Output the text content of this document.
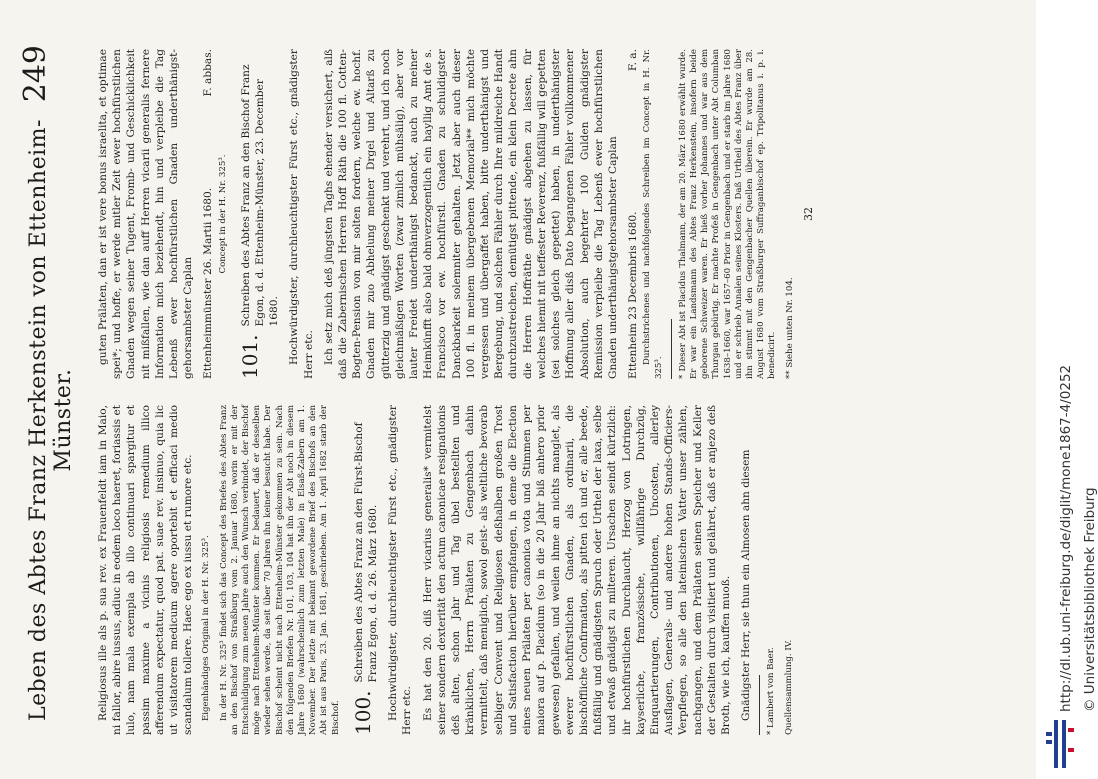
Leben des Abtes Franz Herkenstein von Ettenheim-Münster.
249

Religiosus ille als p. sua rev. ex Frauenfeldt iam in Maio, ni fallor, abire iussus, adiuc in eodem loco haeret, foriassis et lulo, nam mala exempla ab illo continuari spargitur et passim maxime a vicinis religiosis remedium illico afferendum expectatur, quod pat. suae rev. insinuo, quia lic ut visitatorem medicum agere oportebit et efficaci medio scandalum tollere. Haec ego ex iussu et rumore etc. Eigenhändiges Original in der H. Nr. 325³. In der H. Nr. 325³ findet sich das Concept des Briefes des Abtes Franz an den Bischof von Straßburg vom 2. Januar 1680, worin er mit der Entschuldigung zum neuen Jahre auch den Wunsch verbindet, der Bischof möge nach Ettenheim-Münster kommen. Er bedauert, daß er desselben wieder sehen werde, da seit über 70 Jahren ihn keiner besucht habe. Der Bischof scheint nicht nach Ettenheim-Münster gekommen zu sein. Nach den folgenden Briefen Nr. 101, 103, 104 hat ihn der Abt noch in diesem Jahre 1680 (wahrscheinlich zum letzten Male) in Elsaß-Zabern am 1. November. Der letzte mit bekannt gewordene Brief des Bischofs an den Abt ist aus Paris, 23. Jan. 1681, geschrieben. Am 1. April 1682 starb der Bischof. 100.
Schreiben des Abtes Franz an den Fürst-Bischof Franz Egon, d. d. 26. März 1680. Hochwürdigster, durchleuchtigster Fürst etc., gnädigster Herr etc. Es hat den 20. diß Herr vicarius generalis* vermitelst seiner sondern dexterität den actum canonicae resignationis deß alten, schon Jahr und Tag übel bestellten und kränklichen, Herrn Prälaten zu Gengenbach dahin vermittelt, daß meniglich, sowol geist- als weltliche bevorab selbiger Convent und Religiosen deßhalben großen Trost und Satisfaction hierüber empfangen, in deme die Election eines neuen Prälaten per canonica vota und Stimmen per maiora auf p. Placidum (so in die 20 Jahr biß anhero prior gewesen) gefallen, und weilen ihme an nichts manglet, als ewerer hochfürstlichen Gnaden, als ordinarii, die bischöffliche Confirmation, als pitten ich und er, alle beede, fußfällig und gnädigsten Spruch oder Urthel der laxa, selbe und etwaß gnädigst zu milteren. Ursachen seindt kürtzlich: ihr hochfürstlichen Durchlaucht, Herzog von Lotringen, kayserliche, französische, willfährige Durchzüg, Einquartierungen, Contributionen, Uncosten, allerley Ausflagen, Generals- und andere hohen Stands-Officiers-Verpflegen, so alle den lateinischen Vatter unser zählen, nachgangen, und dem Prälaten seinen Speicher und Keller der Gestalten durch visitiert und gelähret, daß er anjezo deß Broth, wie ich, kauffen muoß. Gnädigster Herr, sie thun ein Almosen ahn diesem * Lambert von Baer. Quellensammlung. IV.

guten Prälaten, dan er ist vere bonus israelita, et optimae spei*; und hoffe, er werde mitler Zeit ewer hochfürstlichen Gnaden wegen seiner Tugent, Fromb- und Geschicklichkeit nit mißfallen, wie dan auff Herren vicarii generalis fernere Information mich beziehendt, hin und verpleibe die Tag Lebenß ewer hochfürstlichen Gnaden underthänigst-gehorsambster Caplan Ettenheimmünster 26. Martii 1680.
F. abbas.

Concept in der H. Nr. 325³.

101.
Schreiben des Abtes Franz an den Bischof Franz Egon, d. d. Ettenheim-Münster, 23. December 1680. Hochwürdigster, durchleuchtigster Fürst etc., gnädigster Herr etc. Ich setz mich deß jüngsten Taghs ehender versichert, alß daß die Zabernischen Herren Hoff Räth die 100 fl. Cotten-Bogten-Pension von mir solten fordern, welche ew. hochf. Gnaden mir zuo Abhelung meiner Drgel und Altarß zu gütterzig und gnädigst geschenkt und verehrt, und ich noch gleichmäßigen Worten (zwar zimlich mühsälig), aber vor lauter Freidet underthänigst bedanckt, auch zu meiner Heimkünfft also bald ohnverzogentlich ein hayllig Amt de s. Francisco vor ew. hochfürstl. Gnaden zu schuldigster Danckbarkeit solemniter gehalten. Jetzt aber auch dieser 100 fl. in meinem übergebenen Memorial** mich möchte vergessen und übergaffet haben, bitte underthänigst und Bergebung, und solchen Fähler durch Ihre mildreiche Handt durchzustreichen, demütigst pittende, ein klein Decrete ahn die Herren Hoffräthe gnädigst abgehen zu lassen, für welches hiemit nit tieffester Reverenz, fußfällig will gepetten (sei solches gleich gepettet) haben, in underthänigster Hoffnung aller disß Dato begangenen Fähler vollkommener Absolution, auch begehrter 100 Gulden gnädigster Remission verpleibe die Tag Lebenß ewer hochfürstlichen Gnaden underthänigstgehorsambster Caplan Ettenheim 23 Decembris 1680.
F. a. Durchstrichenes und nachfolgendes Schreiben im Concept in H. Nr. 325³. * Dieser Abt ist Placidus Thalmann, der am 20. März 1680 erwählt wurde. Er war ein Landsmann des Abtes Franz Herkenstein, insofern beide geborene Schweizer waren. Er hieß vorher Johannes und war aus dem Thurgau gebürtig. Er machte Profeß in Gengenbach unter Abt Columban 1638–1660, war 1657–60 Prior in Gengenbach und er starb im Jahre 1680 und er schrieb Annalen seines Klosters. Daß Urtheil des Abtes Franz über ihn stimmt mit den Gengenbacher Quellen überein. Er wurde am 28. August 1680 vom Straßburger Suffraganbischof ep. Tripolitanus i. p. i. benedicirt. ** Siehe unten Nr. 104.
32
http://dl.ub.uni-freiburg.de/diglit/mone1867-4/0252 © Universitätsbibliothek Freiburg
